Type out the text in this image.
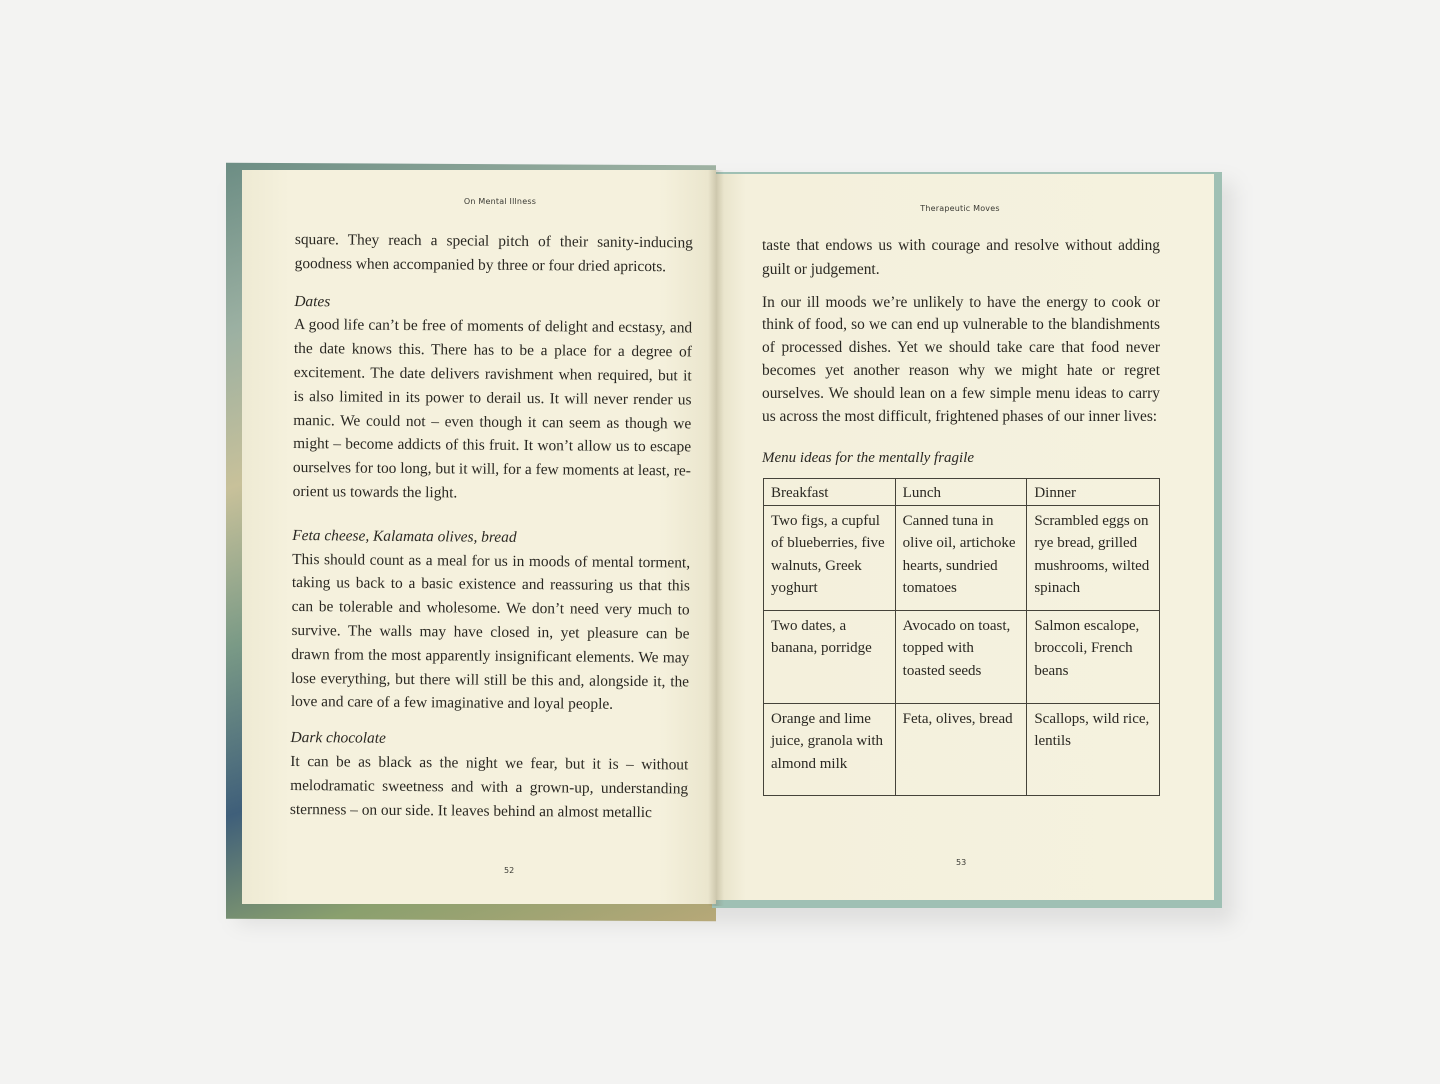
On Mental Illness

square. They reach a special pitch of their sanity-inducing goodness when accompanied by three or four dried apricots.

Dates

A good life can’t be free of moments of delight and ecstasy, and the date knows this. There has to be a place for a degree of excitement. The date delivers ravishment when required, but it is also limited in its power to derail us. It will never render us manic. We could not – even though it can seem as though we might – become addicts of this fruit. It won’t allow us to escape ourselves for too long, but it will, for a few moments at least, re-orient us towards the light.

Feta cheese, Kalamata olives, bread

This should count as a meal for us in moods of mental torment, taking us back to a basic existence and reassuring us that this can be tolerable and wholesome. We don’t need very much to survive. The walls may have closed in, yet pleasure can be drawn from the most apparently insignificant elements. We may lose everything, but there will still be this and, alongside it, the love and care of a few imaginative and loyal people.

Dark chocolate

It can be as black as the night we fear, but it is – without melodramatic sweetness and with a grown-up, understanding sternness – on our side. It leaves behind an almost metallic

52
Therapeutic Moves

taste that endows us with courage and resolve without adding guilt or judgement.

In our ill moods we’re unlikely to have the energy to cook or think of food, so we can end up vulnerable to the blandishments of processed dishes. Yet we should take care that food never becomes yet another reason why we might hate or regret ourselves. We should lean on a few simple menu ideas to carry us across the most difficult, frightened phases of our inner lives:

Menu ideas for the mentally fragile
Breakfast	Lunch	Dinner
Two figs, a cupful of blueberries, five walnuts, Greek yoghurt	Canned tuna in olive oil, artichoke hearts, sundried tomatoes	Scrambled eggs on rye bread, grilled mushrooms, wilted spinach
Two dates, a banana, porridge	Avocado on toast, topped with toasted seeds	Salmon escalope, broccoli, French beans
Orange and lime juice, granola with almond milk	Feta, olives, bread	Scallops, wild rice, lentils
53
